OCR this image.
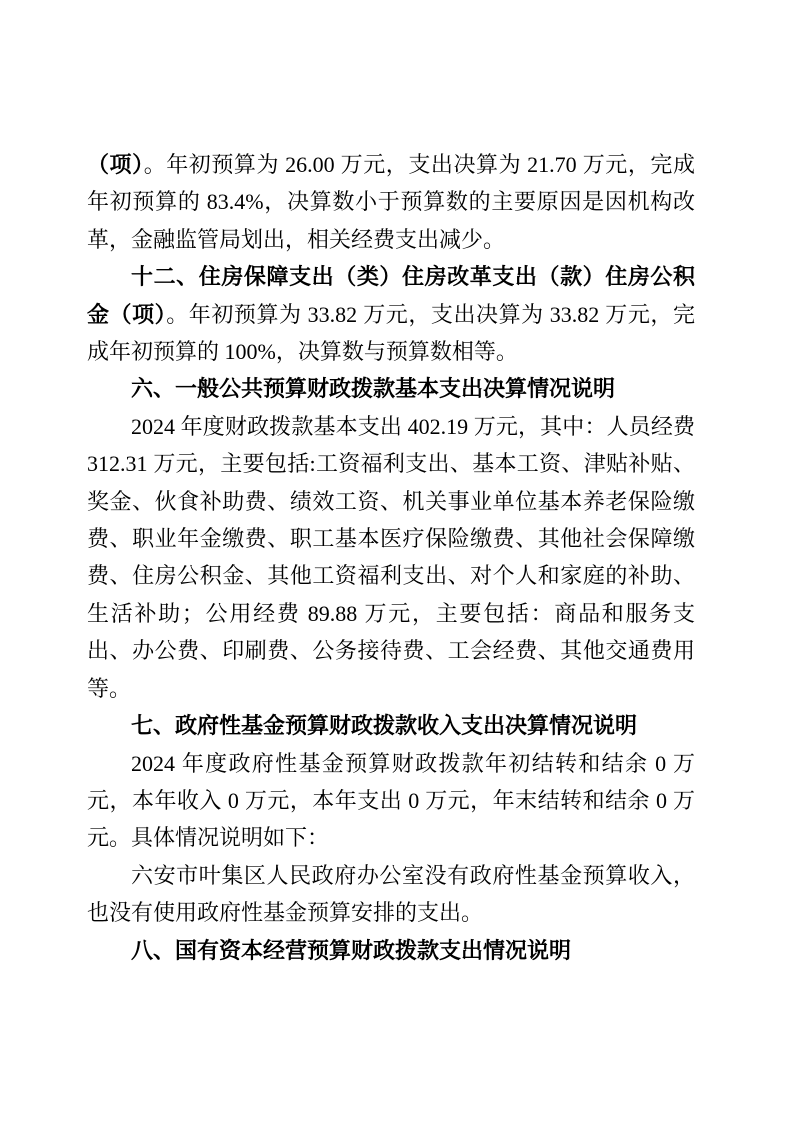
（项）。年初预算为 26.00 万元，支出决算为 21.70 万元，完成年初预算的 83.4%，决算数小于预算数的主要原因是因机构改革，金融监管局划出，相关经费支出减少。

十二、住房保障支出（类）住房改革支出（款）住房公积金（项）。年初预算为 33.82 万元，支出决算为 33.82 万元，完成年初预算的 100%，决算数与预算数相等。

六、一般公共预算财政拨款基本支出决算情况说明

2024 年度财政拨款基本支出 402.19 万元，其中：人员经费 312.31 万元，主要包括:工资福利支出、基本工资、津贴补贴、奖金、伙食补助费、绩效工资、机关事业单位基本养老保险缴费、职业年金缴费、职工基本医疗保险缴费、其他社会保障缴费、住房公积金、其他工资福利支出、对个人和家庭的补助、生活补助；公用经费 89.88 万元，主要包括：商品和服务支出、办公费、印刷费、公务接待费、工会经费、其他交通费用等。

七、政府性基金预算财政拨款收入支出决算情况说明

2024 年度政府性基金预算财政拨款年初结转和结余 0 万元，本年收入 0 万元，本年支出 0 万元，年末结转和结余 0 万元。具体情况说明如下：

六安市叶集区人民政府办公室没有政府性基金预算收入，也没有使用政府性基金预算安排的支出。

八、国有资本经营预算财政拨款支出情况说明
